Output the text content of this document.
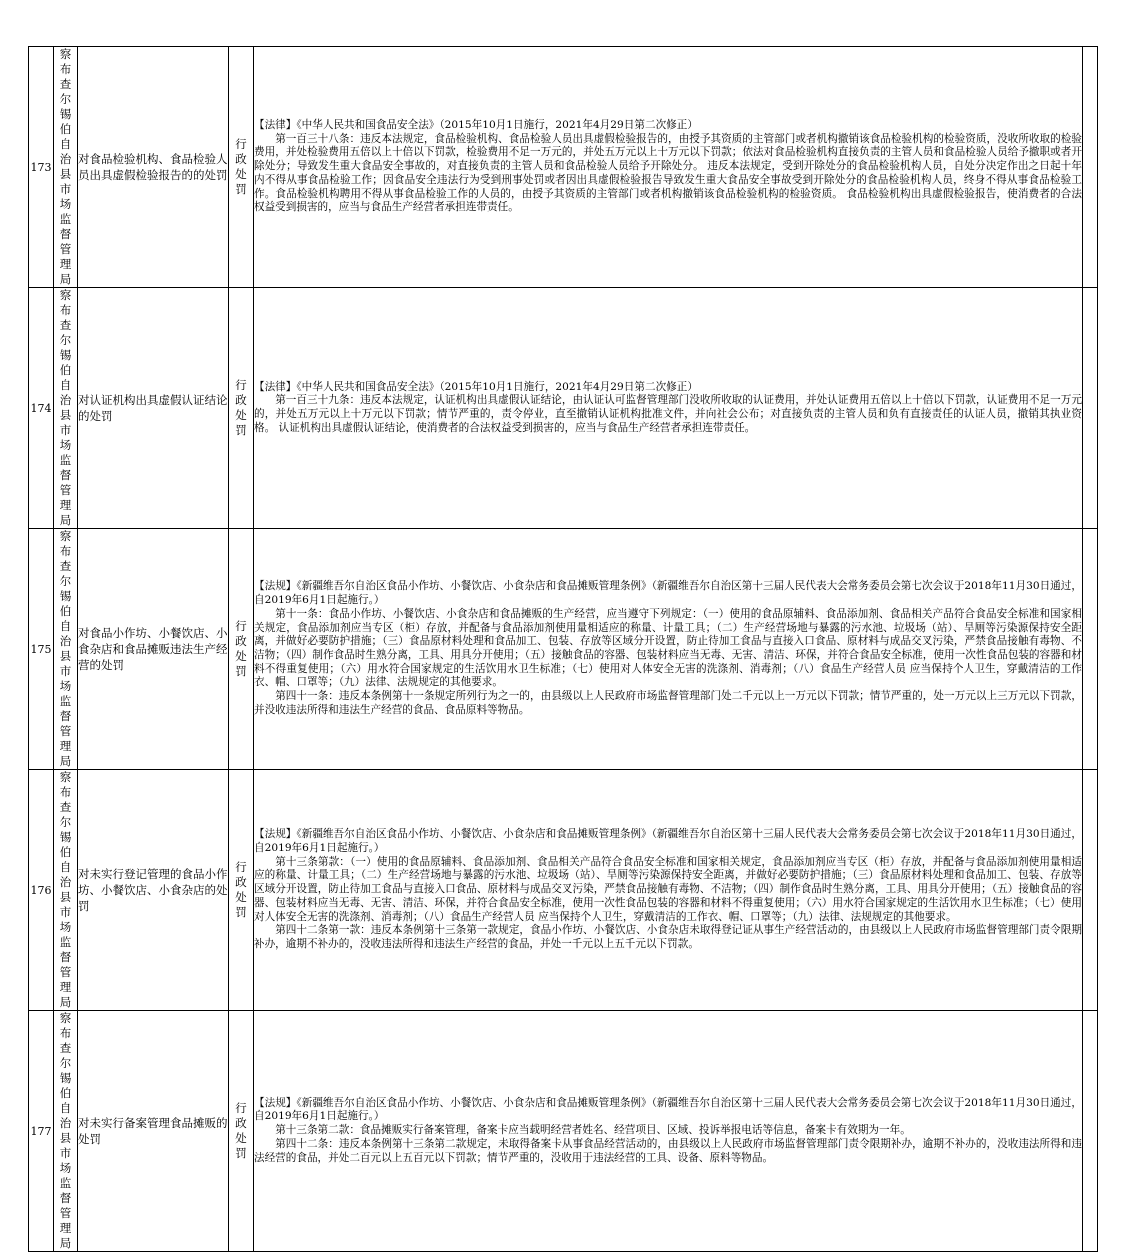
173	察布查尔锡伯自治县市场监督管理局	对食品检验机构、食品检验人员出具虚假检验报告的的处罚	行政处罚	【法律】《中华人民共和国食品安全法》（2015年10月1日施行，2021年4月29日第二次修正）

第一百三十八条：违反本法规定，食品检验机构、食品检验人员出具虚假检验报告的，由授予其资质的主管部门或者机构撤销该食品检验机构的检验资质，没收所收取的检验费用，并处检验费用五倍以上十倍以下罚款，检验费用不足一万元的，并处五万元以上十万元以下罚款；依法对食品检验机构直接负责的主管人员和食品检验人员给予撤职或者开除处分；导致发生重大食品安全事故的，对直接负责的主管人员和食品检验人员给予开除处分。 违反本法规定，受到开除处分的食品检验机构人员，自处分决定作出之日起十年内不得从事食品检验工作；因食品安全违法行为受到刑事处罚或者因出具虚假检验报告导致发生重大食品安全事故受到开除处分的食品检验机构人员，终身不得从事食品检验工作。食品检验机构聘用不得从事食品检验工作的人员的，由授予其资质的主管部门或者机构撤销该食品检验机构的检验资质。 食品检验机构出具虚假检验报告，使消费者的合法权益受到损害的，应当与食品生产经营者承担连带责任。	

174	察布查尔锡伯自治县市场监督管理局	对认证机构出具虚假认证结论的处罚	行政处罚	【法律】《中华人民共和国食品安全法》（2015年10月1日施行，2021年4月29日第二次修正）

第一百三十九条：违反本法规定，认证机构出具虚假认证结论，由认证认可监督管理部门没收所收取的认证费用，并处认证费用五倍以上十倍以下罚款，认证费用不足一万元的，并处五万元以上十万元以下罚款；情节严重的，责令停业，直至撤销认证机构批准文件，并向社会公布；对直接负责的主管人员和负有直接责任的认证人员，撤销其执业资格。 认证机构出具虚假认证结论，使消费者的合法权益受到损害的，应当与食品生产经营者承担连带责任。	

175	察布查尔锡伯自治县市场监督管理局	对食品小作坊、小餐饮店、小食杂店和食品摊贩违法生产经营的处罚	行政处罚	【法规】《新疆维吾尔自治区食品小作坊、小餐饮店、小食杂店和食品摊贩管理条例》（新疆维吾尔自治区第十三届人民代表大会常务委员会第七次会议于2018年11月30日通过，自2019年6月1日起施行。）

第十一条：食品小作坊、小餐饮店、小食杂店和食品摊贩的生产经营，应当遵守下列规定：（一）使用的食品原辅料、食品添加剂、食品相关产品符合食品安全标准和国家相关规定，食品添加剂应当专区（柜）存放，并配备与食品添加剂使用量相适应的称量、计量工具；（二）生产经营场地与暴露的污水池、垃圾场（站）、旱厕等污染源保持安全距离，并做好必要防护措施；（三）食品原材料处理和食品加工、包装、存放等区域分开设置，防止待加工食品与直接入口食品、原材料与成品交叉污染，严禁食品接触有毒物、不洁物；（四）制作食品时生熟分离，工具、用具分开使用；（五）接触食品的容器、包装材料应当无毒、无害、清洁、环保，并符合食品安全标准，使用一次性食品包装的容器和材料不得重复使用；（六）用水符合国家规定的生活饮用水卫生标准；（七）使用对人体安全无害的洗涤剂、消毒剂；（八）食品生产经营人员 应当保持个人卫生，穿戴清洁的工作衣、帽、口罩等；（九）法律、法规规定的其他要求。

第四十一条：违反本条例第十一条规定所列行为之一的，由县级以上人民政府市场监督管理部门处二千元以上一万元以下罚款；情节严重的，处一万元以上三万元以下罚款，并没收违法所得和违法生产经营的食品、食品原料等物品。	

176	察布查尔锡伯自治县市场监督管理局	对未实行登记管理的食品小作坊、小餐饮店、小食杂店的处罚	行政处罚	【法规】《新疆维吾尔自治区食品小作坊、小餐饮店、小食杂店和食品摊贩管理条例》（新疆维吾尔自治区第十三届人民代表大会常务委员会第七次会议于2018年11月30日通过，自2019年6月1日起施行。）

第十三条第款：（一）使用的食品原辅料、食品添加剂、食品相关产品符合食品安全标准和国家相关规定，食品添加剂应当专区（柜）存放，并配备与食品添加剂使用量相适应的称量、计量工具；（二）生产经营场地与暴露的污水池、垃圾场（站）、旱厕等污染源保持安全距离，并做好必要防护措施；（三）食品原材料处理和食品加工、包装、存放等区域分开设置，防止待加工食品与直接入口食品、原材料与成品交叉污染，严禁食品接触有毒物、不洁物；（四）制作食品时生熟分离，工具、用具分开使用；（五）接触食品的容器、包装材料应当无毒、无害、清洁、环保，并符合食品安全标准，使用一次性食品包装的容器和材料不得重复使用；（六）用水符合国家规定的生活饮用水卫生标准；（七）使用对人体安全无害的洗涤剂、消毒剂；（八）食品生产经营人员 应当保持个人卫生，穿戴清洁的工作衣、帽、口罩等；（九）法律、法规规定的其他要求。

第四十二条第一款：违反本条例第十三条第一款规定，食品小作坊、小餐饮店、小食杂店未取得登记证从事生产经营活动的，由县级以上人民政府市场监督管理部门责令限期补办，逾期不补办的，没收违法所得和违法生产经营的食品，并处一千元以上五千元以下罚款。	

177	察布查尔锡伯自治县市场监督管理局	对未实行备案管理食品摊贩的处罚	行政处罚	【法规】《新疆维吾尔自治区食品小作坊、小餐饮店、小食杂店和食品摊贩管理条例》（新疆维吾尔自治区第十三届人民代表大会常务委员会第七次会议于2018年11月30日通过，自2019年6月1日起施行。）

第十三条第二款：食品摊贩实行备案管理，备案卡应当载明经营者姓名、经营项目、区域、投诉举报电话等信息，备案卡有效期为一年。

第四十二条：违反本条例第十三条第二款规定，未取得备案卡从事食品经营活动的，由县级以上人民政府市场监督管理部门责令限期补办，逾期不补办的，没收违法所得和违法经营的食品，并处二百元以上五百元以下罚款；情节严重的，没收用于违法经营的工具、设备、原料等物品。	
